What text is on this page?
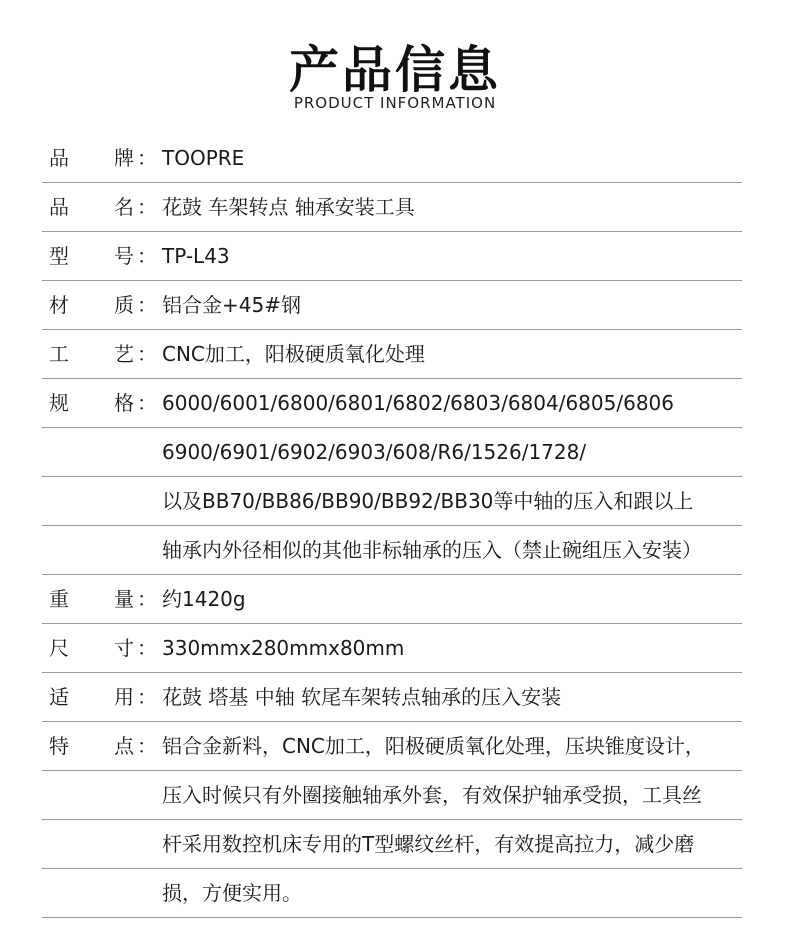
产品信息
PRODUCT INFORMATION
品 牌 ： TOOPRE
品 名 ： 花鼓 车架转点 轴承安装工具
型 号 ： TP-L43
材 质 ： 铝合金+45#钢
工 艺 ： CNC加工，阳极硬质氧化处理
规 格 ： 6000/6001/6800/6801/6802/6803/6804/6805/6806
6900/6901/6902/6903/608/R6/1526/1728/
以及BB70/BB86/BB90/BB92/BB30等中轴的压入和跟以上
轴承内外径相似的其他非标轴承的压入（禁止碗组压入安装）
重 量 ： 约1420g
尺 寸 ： 330mmx280mmx80mm
适 用 ： 花鼓 塔基 中轴 软尾车架转点轴承的压入安装
特 点 ： 铝合金新料，CNC加工，阳极硬质氧化处理，压块锥度设计，
压入时候只有外圈接触轴承外套，有效保护轴承受损，工具丝
杆采用数控机床专用的T型螺纹丝杆，有效提高拉力，减少磨
损，方便实用。
